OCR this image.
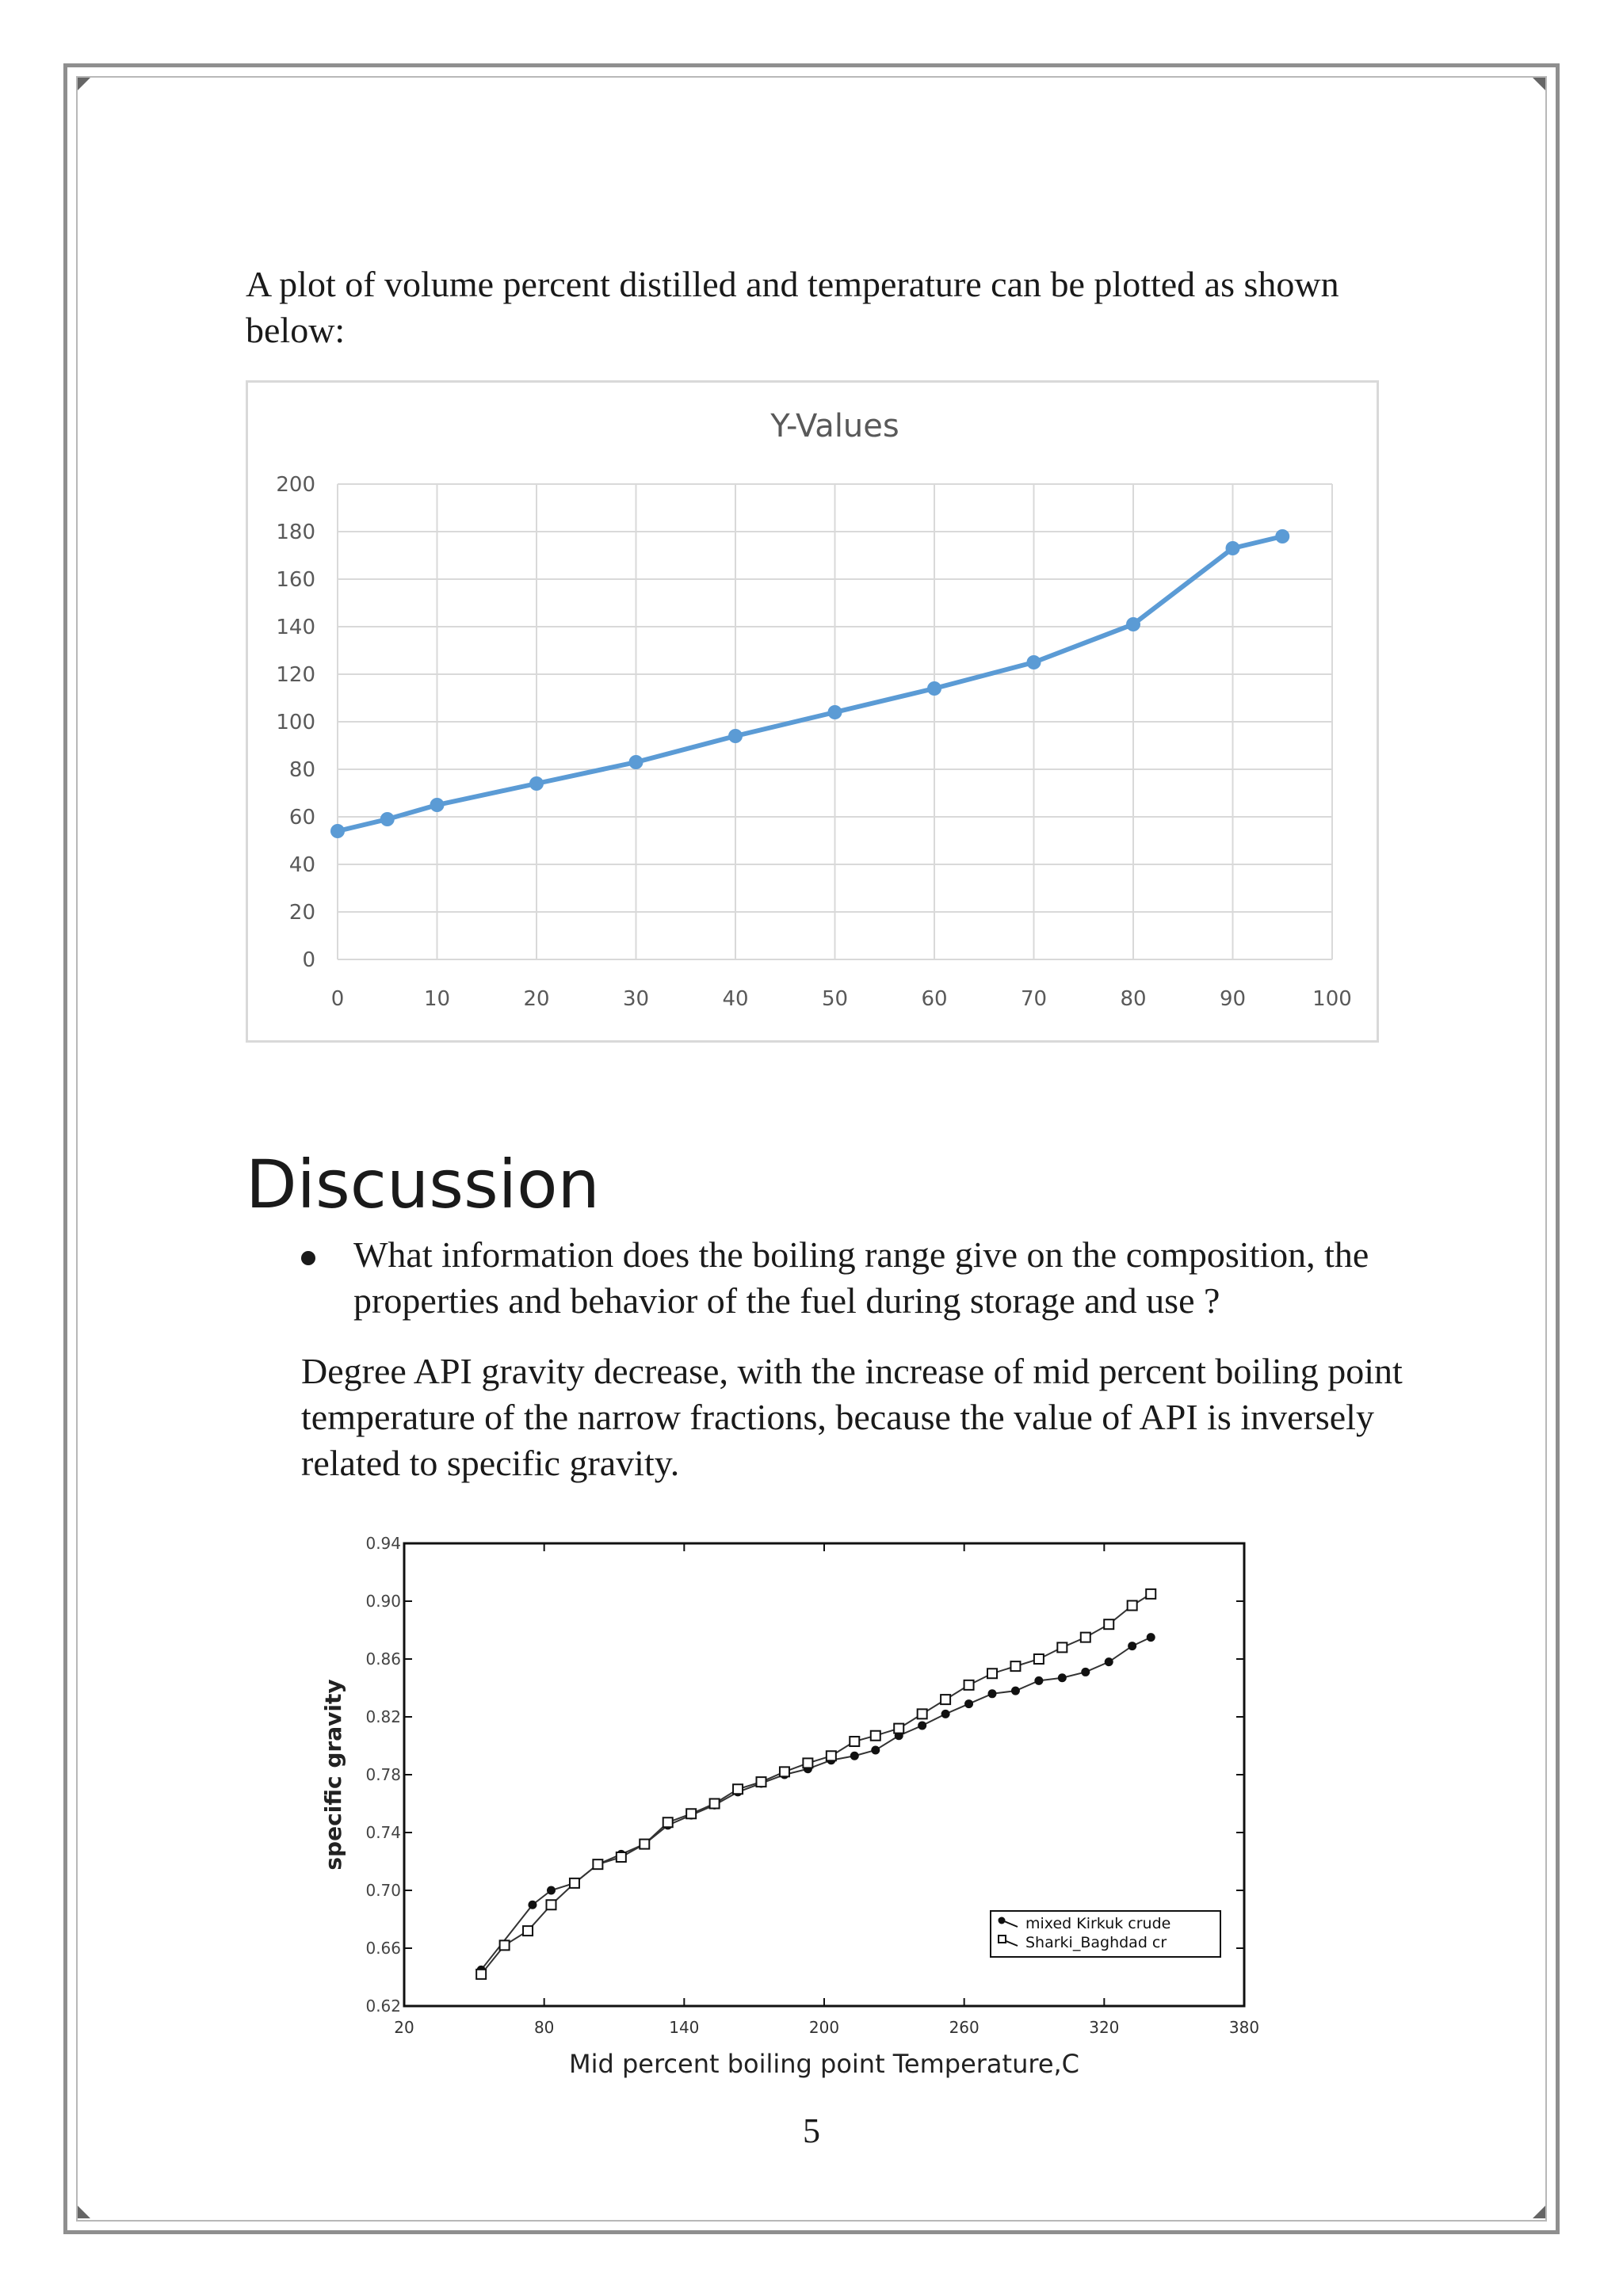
A plot of volume percent distilled and temperature can be plotted as shown below:

Y-Values
0
20
40
60
80
100
120
140
160
180
200
0	10	20	30	40	50	60	70	80	90	100
Discussion
What information does the boiling range give on the composition, the properties and behavior of the fuel during storage and use ?

Degree API gravity decrease, with the increase of mid percent boiling point temperature of the narrow fractions, because the value of API is inversely related to specific gravity.

0.62
0.66
0.70
0.74
0.78
0.82
0.86
0.90
0.94
20	80	140	200	260	320	380
Mid percent boiling point Temperature,C
specific gravity
mixed Kirkuk crude
Sharki_Baghdad cr
5
